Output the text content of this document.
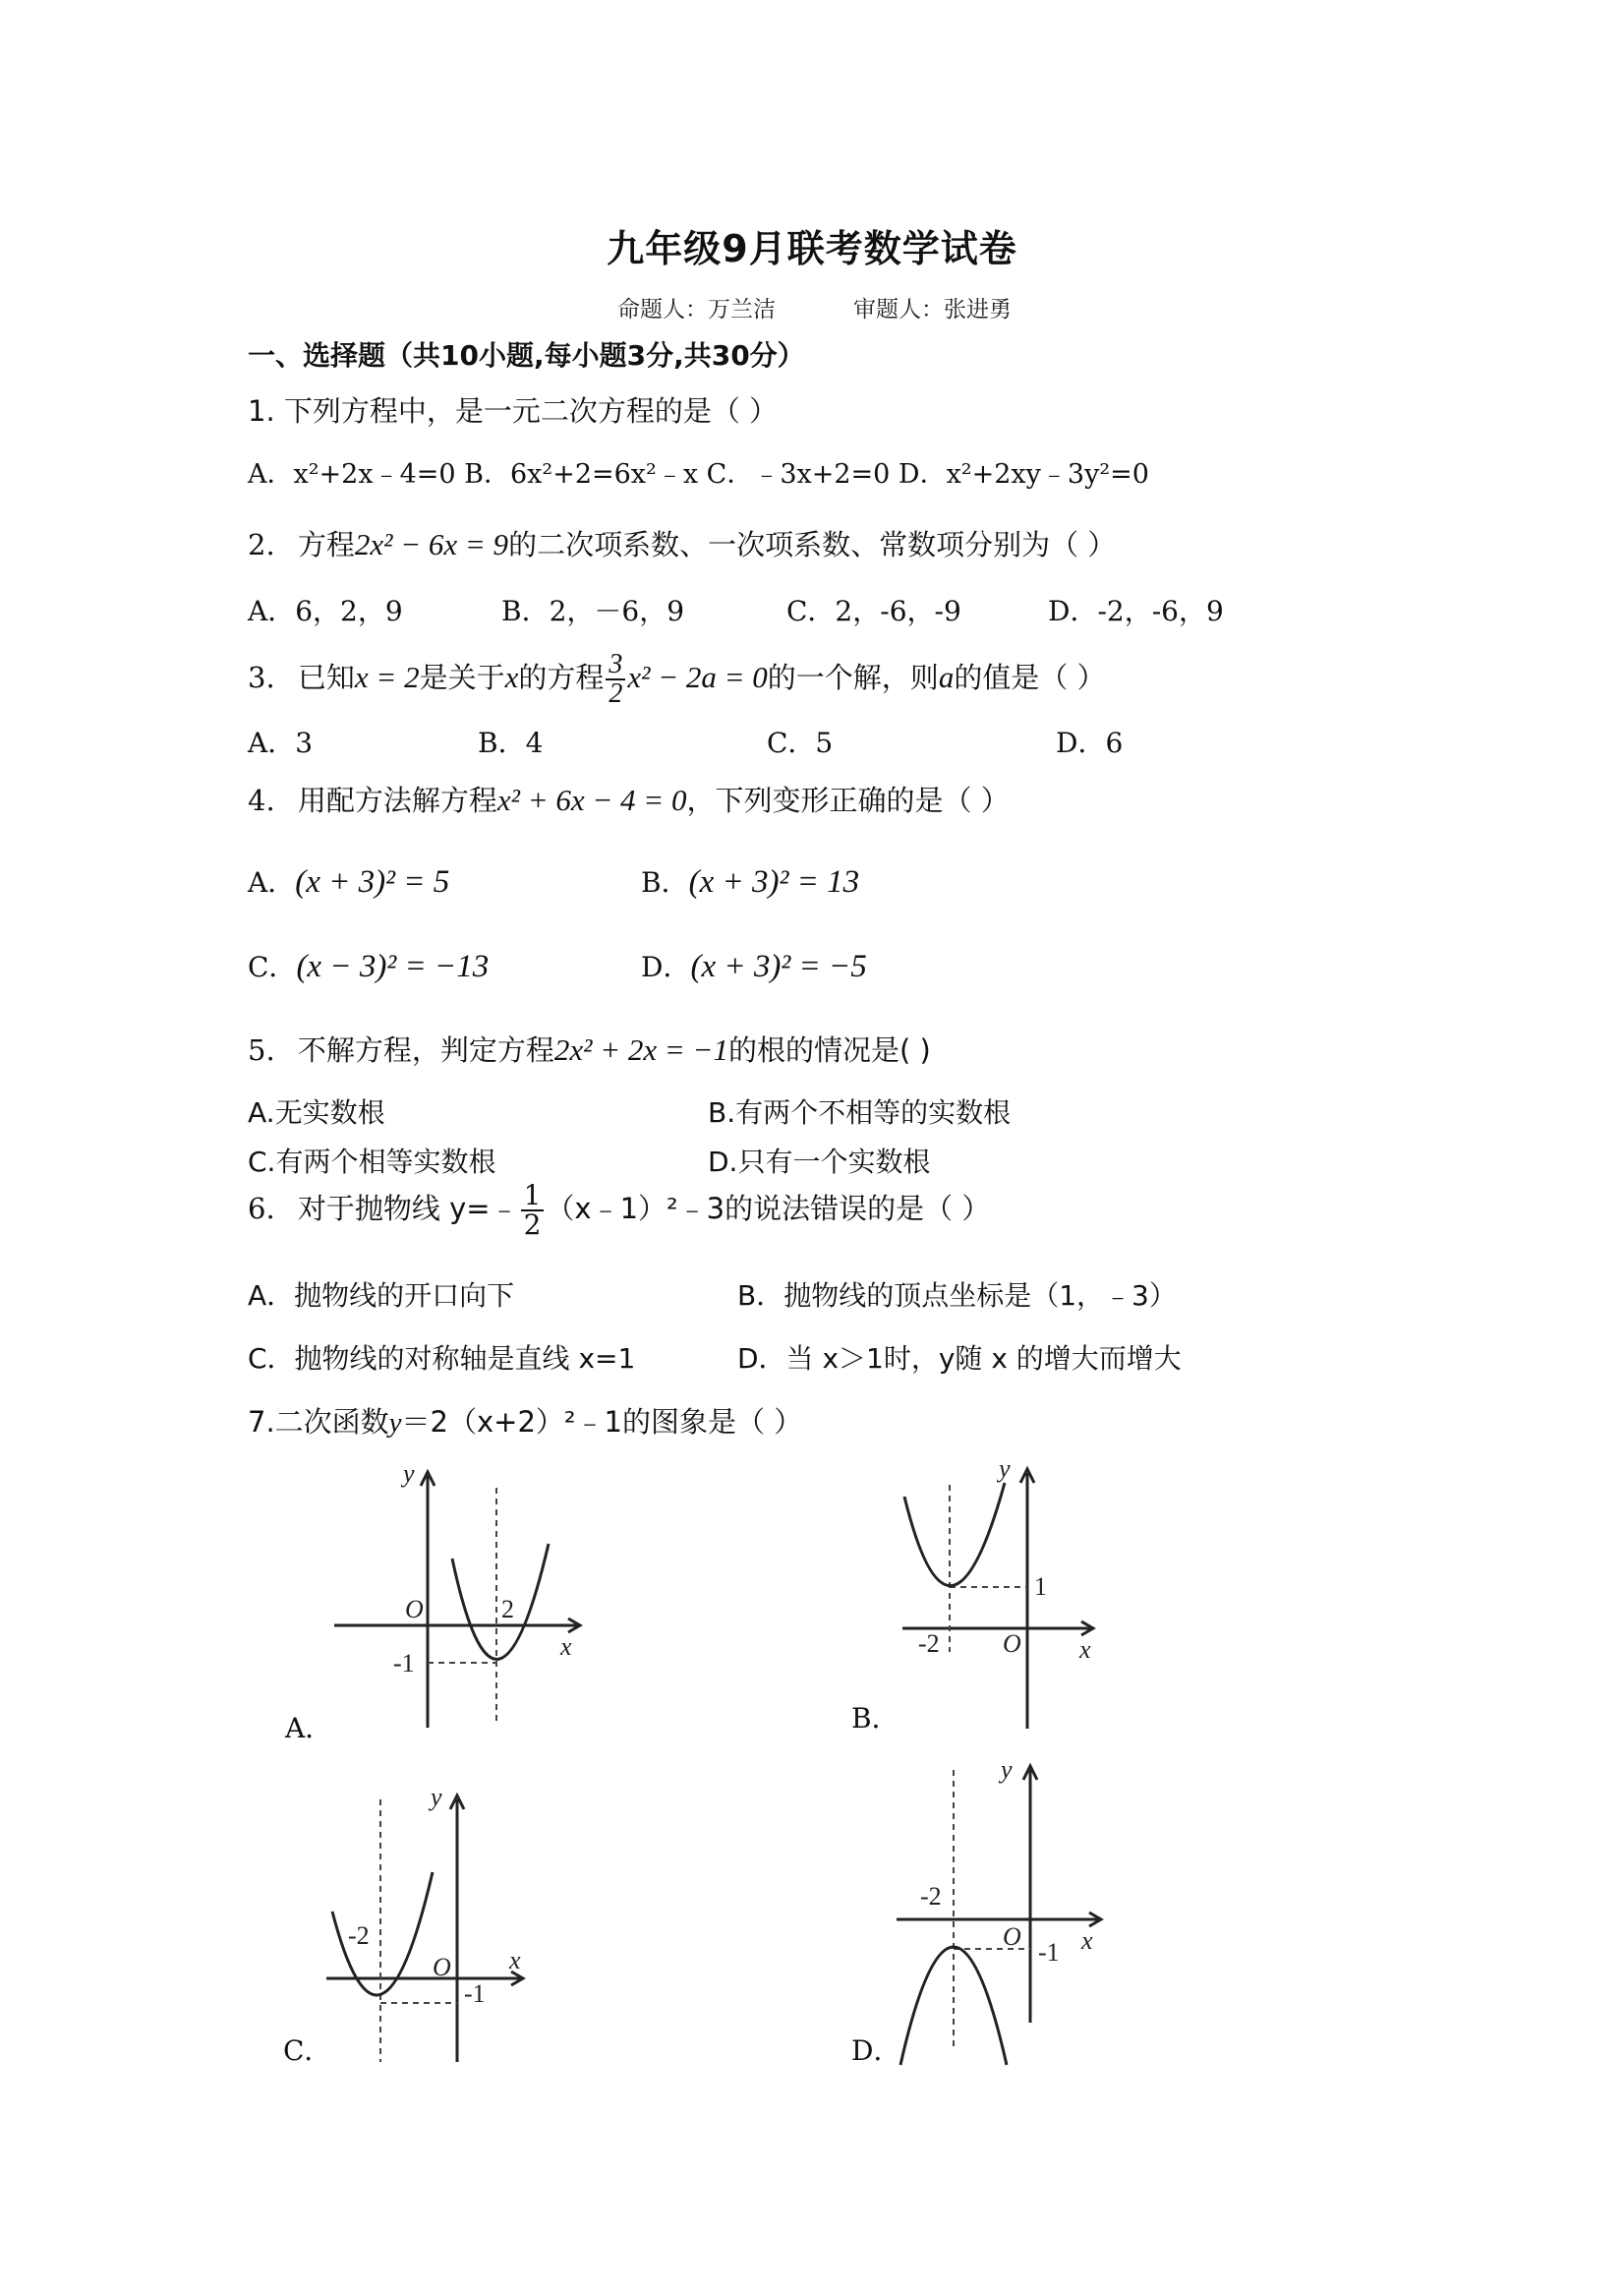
九年级9月联考数学试卷
命题人：万兰洁	审题人：张进勇
一、选择题（共10小题,每小题3分,共30分）
1. 下列方程中，是一元二次方程的是（ ）
A．x²+2x﹣4=0 B．6x²+2=6x²﹣x C．﹣3x+2=0 D．x²+2xy﹣3y²=0
2. 方程2x² − 6x = 9的二次项系数、一次项系数、常数项分别为（ ）
A．6，2，9	B．2，－6，9	C．2，-6，-9	D．-2，-6，9
3. 已知x = 2是关于x的方程 $\frac{3}{2} x^2 - 2a = 0$的一个解，则a的值是（ ）
A．3	B．4	C．5	D．6
4. 用配方法解方程x² + 6x − 4 = 0，下列变形正确的是（ ）
A．(x + 3)² = 5	B．(x + 3)² = 13
C．(x − 3)² = −13	D．(x + 3)² = −5
5. 不解方程，判定方程2x² + 2x = −1的根的情况是( )
A.无实数根	B.有两个不相等的实数根
C.有两个相等实数根	D.只有一个实数根
6. 对于抛物线 y=﹣ $\frac{1}{2}$ （x﹣1）²﹣3的说法错误的是（ ）
A．抛物线的开口向下	B．抛物线的顶点坐标是（1，﹣3）
C．抛物线的对称轴是直线 x=1	D．当 x＞1时，y随 x 的增大而增大
7.二次函数y＝2（x+2）²﹣1的图象是（ ）
y
x
O	2
-1
A．
y
x
O
-2
1
B．
y
x
O
-2
-1
C．
y
x
O
-2
-1
D．
